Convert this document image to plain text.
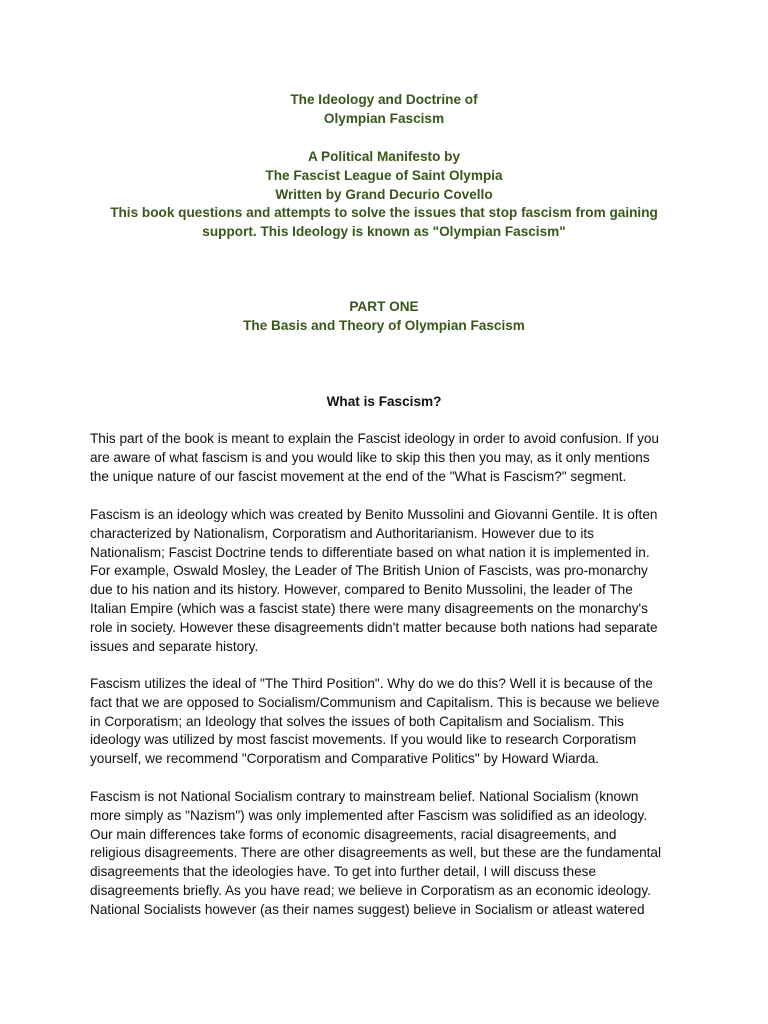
The Ideology and Doctrine of
Olympian Fascism
A Political Manifesto by
The Fascist League of Saint Olympia
Written by Grand Decurio Covello
This book questions and attempts to solve the issues that stop fascism from gaining
support. This Ideology is known as "Olympian Fascism"
PART ONE
The Basis and Theory of Olympian Fascism
What is Fascism?
This part of the book is meant to explain the Fascist ideology in order to avoid confusion. If you
are aware of what fascism is and you would like to skip this then you may, as it only mentions
the unique nature of our fascist movement at the end of the "What is Fascism?" segment.
Fascism is an ideology which was created by Benito Mussolini and Giovanni Gentile. It is often
characterized by Nationalism, Corporatism and Authoritarianism. However due to its
Nationalism; Fascist Doctrine tends to differentiate based on what nation it is implemented in.
For example, Oswald Mosley, the Leader of The British Union of Fascists, was pro-monarchy
due to his nation and its history. However, compared to Benito Mussolini, the leader of The
Italian Empire (which was a fascist state) there were many disagreements on the monarchy's
role in society. However these disagreements didn't matter because both nations had separate
issues and separate history.
Fascism utilizes the ideal of "The Third Position". Why do we do this? Well it is because of the
fact that we are opposed to Socialism/Communism and Capitalism. This is because we believe
in Corporatism; an Ideology that solves the issues of both Capitalism and Socialism. This
ideology was utilized by most fascist movements. If you would like to research Corporatism
yourself, we recommend "Corporatism and Comparative Politics" by Howard Wiarda.
Fascism is not National Socialism contrary to mainstream belief. National Socialism (known
more simply as "Nazism") was only implemented after Fascism was solidified as an ideology.
Our main differences take forms of economic disagreements, racial disagreements, and
religious disagreements. There are other disagreements as well, but these are the fundamental
disagreements that the ideologies have. To get into further detail, I will discuss these
disagreements briefly. As you have read; we believe in Corporatism as an economic ideology.
National Socialists however (as their names suggest) believe in Socialism or atleast watered
